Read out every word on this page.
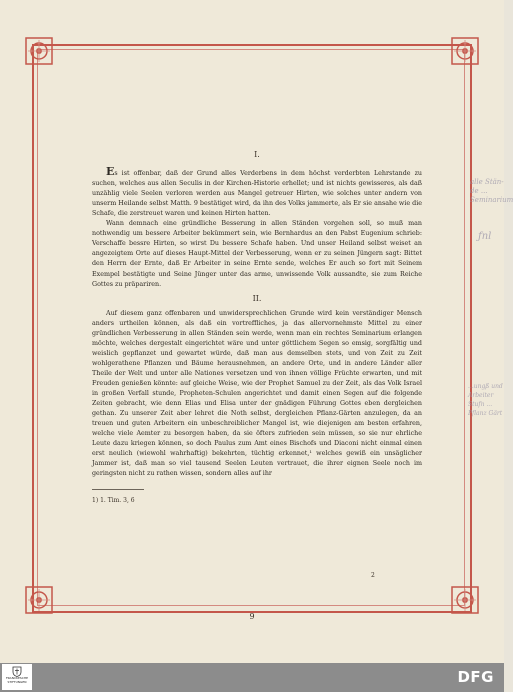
I.

Es ist offenbar, daß der Grund alles Verderbens in dem höchst verderbten Lehrstande zu suchen, welches aus allen Seculis in der Kirchen-Historie erhellet; und ist nichts gewisseres, als daß unzählig viele Seelen verloren werden aus Mangel getreuer Hirten, wie solches unter andern von unserm Heilande selbst Matth. 9 bestätiget wird, da ihn des Volks jammerte, als Er sie ansahe wie die Schafe, die zerstreuet waren und keinen Hirten hatten.

Wann demnach eine gründliche Besserung in allen Ständen vorgehen soll, so muß man nothwendig um bessere Arbeiter bekümmert sein, wie Bernhardus an den Pabst Eugenium schrieb: Verschaffe bessre Hirten, so wirst Du bessere Schafe haben. Und unser Heiland selbst weiset an angezeigtem Orte auf dieses Haupt-Mittel der Verbesserung, wenn er zu seinen Jüngern sagt: Bittet den Herrn der Ernte, daß Er Arbeiter in seine Ernte sende, welches Er auch so fort mit Seinem Exempel bestätigte und Seine Jünger unter das arme, unwissende Volk aussandte, sie zum Reiche Gottes zu präpariren.

II.

Auf diesem ganz offenbaren und unwidersprechlichen Grunde wird kein verständiger Mensch anders urtheilen können, als daß ein vortreffliches, ja das allervornehmste Mittel zu einer gründlichen Verbesserung in allen Ständen sein werde, wenn man ein rechtes Seminarium erlangen möchte, welches dergestalt eingerichtet wäre und unter göttlichem Segen so emsig, sorgfältig und weislich gepflanzet und gewartet würde, daß man aus demselben stets, und von Zeit zu Zeit wohlgerathene Pflanzen und Bäume herausnehmen, an andere Orte, und in andere Länder aller Theile der Welt und unter alle Nationes versetzen und von ihnen völlige Früchte erwarten, und mit Freuden genießen könnte: auf gleiche Weise, wie der Prophet Samuel zu der Zeit, als das Volk Israel in großen Verfall stunde, Propheten-Schulen angerichtet und damit einen Segen auf die folgende Zeiten gebracht, wie denn Elias und Elisa unter der gnädigen Führung Gottes eben dergleichen gethan. Zu unserer Zeit aber lehret die Noth selbst, dergleichen Pflanz-Gärten anzulegen, da an treuen und guten Arbeitern ein unbeschreiblicher Mangel ist, wie diejenigen am besten erfahren, welche viele Aemter zu besorgen haben, da sie öfters zufrieden sein müssen, so sie nur ehrliche Leute dazu kriegen können, so doch Paulus zum Amt eines Bischofs und Diaconi nicht einmal einen erst neulich (wiewohl wahrhaftig) bekehrten, tüchtig erkennet,¹ welches gewiß ein unsäglicher Jammer ist, daß man so viel tausend Seelen Leuten vertrauet, die ihrer eignen Seele noch im geringsten nicht zu rathen wissen, sondern alles auf ihr

1) 1. Tim. 3, 6
2
9
alle Stän-
de ...
Seminarium
ƒnl
...ungß und Arbeiter
Stufn ... Pflanz Gärt
FRANCKESCHE STIFTUNGEN	DFG
